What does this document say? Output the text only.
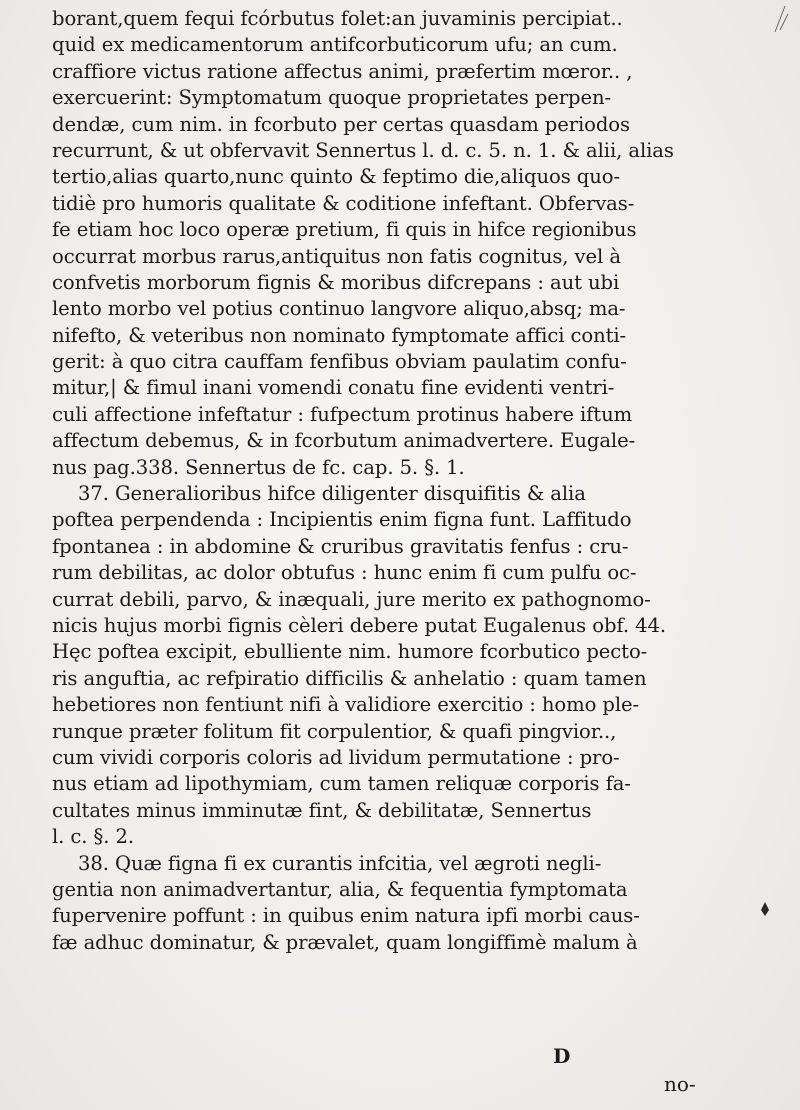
borant,quem fequi fcórbutus folet:an juvaminis percipiat..
quid ex medicamentorum antifcorbuticorum ufu; an cum.
craffiore victus ratione affectus animi, præfertim mœror.. ,
exercuerint: Symptomatum quoque proprietates perpen-
dendæ, cum nim. in fcorbuto per certas quasdam periodos
recurrunt, & ut obfervavit Sennertus l. d. c. 5. n. 1. & alii, alias
tertio,alias quarto,nunc quinto & feptimo die,aliquos quo-
tidiè pro humoris qualitate & coditione infeftant. Obfervas-
fe etiam hoc loco operæ pretium, fi quis in hifce regionibus
occurrat morbus rarus,antiquitus non fatis cognitus, vel à
confvetis morborum fignis & moribus difcrepans : aut ubi
lento morbo vel potius continuo langvore aliquo,absq; ma-
nifefto, & veteribus non nominato fymptomate affici conti-
gerit: à quo citra cauffam fenfibus obviam paulatim confu-
mitur,| & fimul inani vomendi conatu fine evidenti ventri-
culi affectione infeftatur : fufpectum protinus habere iftum
affectum debemus, & in fcorbutum animadvertere. Eugale-
nus pag.338. Sennertus de fc. cap. 5. §. 1.
37. Generalioribus hifce diligenter disquifitis & alia
poftea perpendenda : Incipientis enim figna funt. Laffitudo
fpontanea : in abdomine & cruribus gravitatis fenfus : cru-
rum debilitas, ac dolor obtufus : hunc enim fi cum pulfu oc-
currat debili, parvo, & inæquali, jure merito ex pathognomo-
nicis hujus morbi fignis cèleri debere putat Eugalenus obf. 44.
Hęc poftea excipit, ebulliente nim. humore fcorbutico pecto-
ris anguftia, ac refpiratio difficilis & anhelatio : quam tamen
hebetiores non fentiunt nifi à validiore exercitio : homo ple-
runque præter folitum fit corpulentior, & quafi pingvior..,
cum vividi corporis coloris ad lividum permutatione : pro-
nus etiam ad lipothymiam, cum tamen reliquæ corporis fa-
cultates minus imminutæ fint, & debilitatæ, Sennertus
l. c. §. 2.
38. Quæ figna fi ex curantis infcitia, vel ægroti negli-
gentia non animadvertantur, alia, & fequentia fymptomata
fupervenire poffunt : in quibus enim natura ipfi morbi caus-
fæ adhuc dominatur, & prævalet, quam longiffimè malum à
D
no-
